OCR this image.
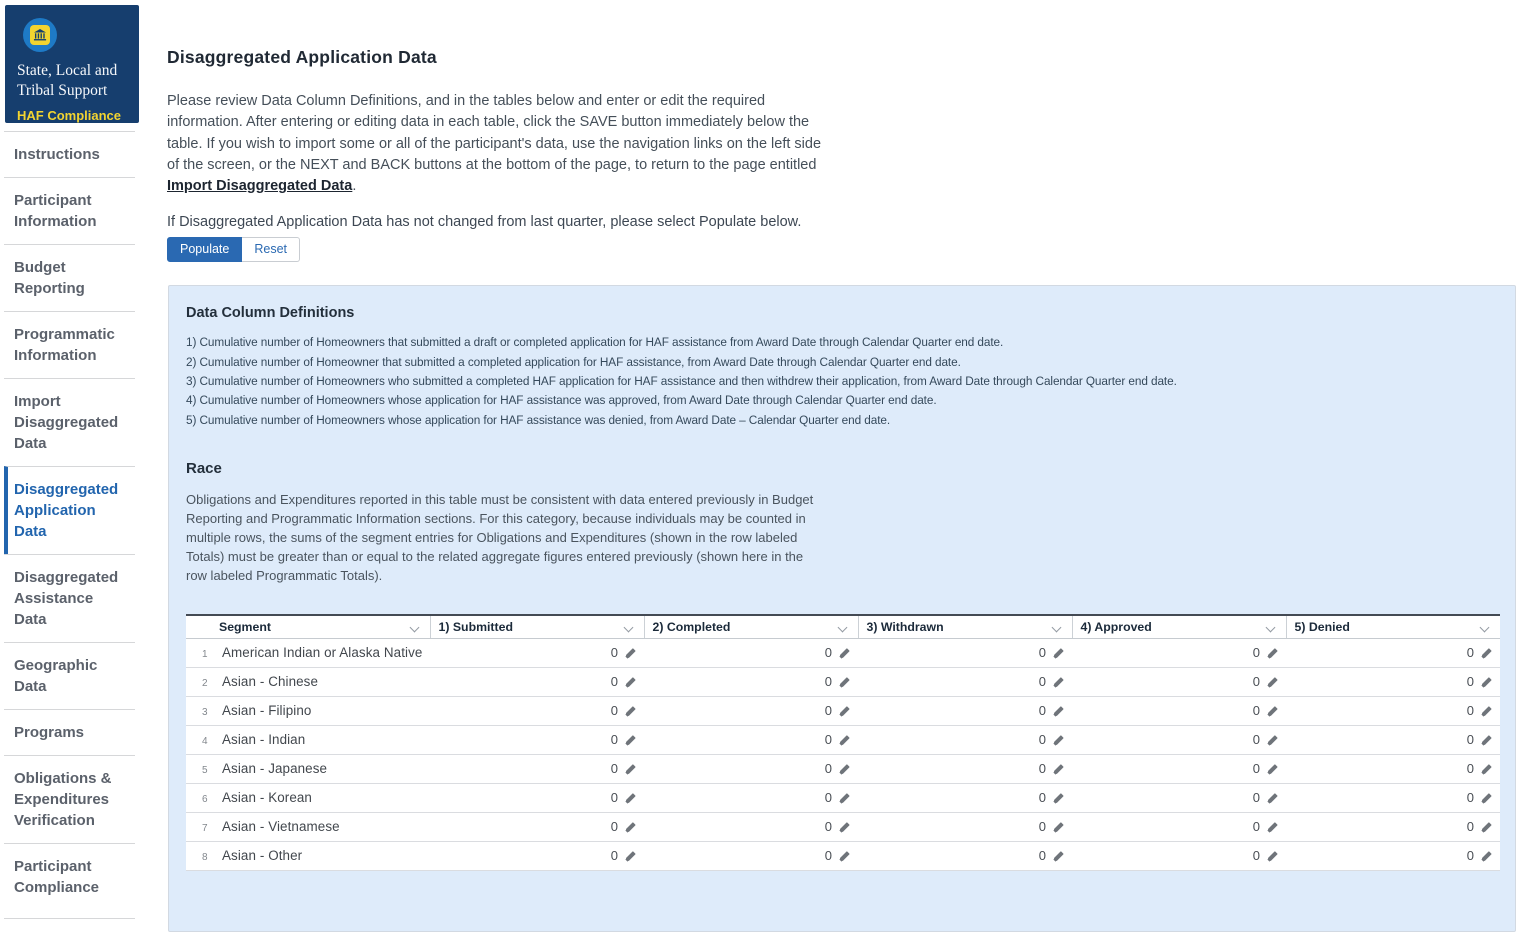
State, Local and Tribal Support
HAF Compliance
Instructions
Participant Information
Budget Reporting
Programmatic Information
Import Disaggregated Data
Disaggregated Application Data
Disaggregated Assistance Data
Geographic Data
Programs
Obligations & Expenditures Verification
Participant Compliance
Disaggregated Application Data

Please review Data Column Definitions, and in the tables below and enter or edit the required information. After entering or editing data in each table, click the SAVE button immediately below the table. If you wish to import some or all of the participant's data, use the navigation links on the left side of the screen, or the NEXT and BACK buttons at the bottom of the page, to return to the page entitled Import Disaggregated Data.

If Disaggregated Application Data has not changed from last quarter, please select Populate below.

Populate	Reset
Data Column Definitions
1) Cumulative number of Homeowners that submitted a draft or completed application for HAF assistance from Award Date through Calendar Quarter end date.
2) Cumulative number of Homeowner that submitted a completed application for HAF assistance, from Award Date through Calendar Quarter end date.
3) Cumulative number of Homeowners who submitted a completed HAF application for HAF assistance and then withdrew their application, from Award Date through Calendar Quarter end date.
4) Cumulative number of Homeowners whose application for HAF assistance was approved, from Award Date through Calendar Quarter end date.
5) Cumulative number of Homeowners whose application for HAF assistance was denied, from Award Date – Calendar Quarter end date.
Race

Obligations and Expenditures reported in this table must be consistent with data entered previously in Budget Reporting and Programmatic Information sections. For this category, because individuals may be counted in multiple rows, the sums of the segment entries for Obligations and Expenditures (shown in the row labeled Totals) must be greater than or equal to the related aggregate figures entered previously (shown here in the row labeled Programmatic Totals).

Segment	1) Submitted	2) Completed	3) Withdrawn	4) Approved	5) Denied

1 American Indian or Alaska Native	0	0	0	0	0
2 Asian - Chinese	0	0	0	0	0
3 Asian - Filipino	0	0	0	0	0
4 Asian - Indian	0	0	0	0	0
5 Asian - Japanese	0	0	0	0	0
6 Asian - Korean	0	0	0	0	0
7 Asian - Vietnamese	0	0	0	0	0
8 Asian - Other	0	0	0	0	0
